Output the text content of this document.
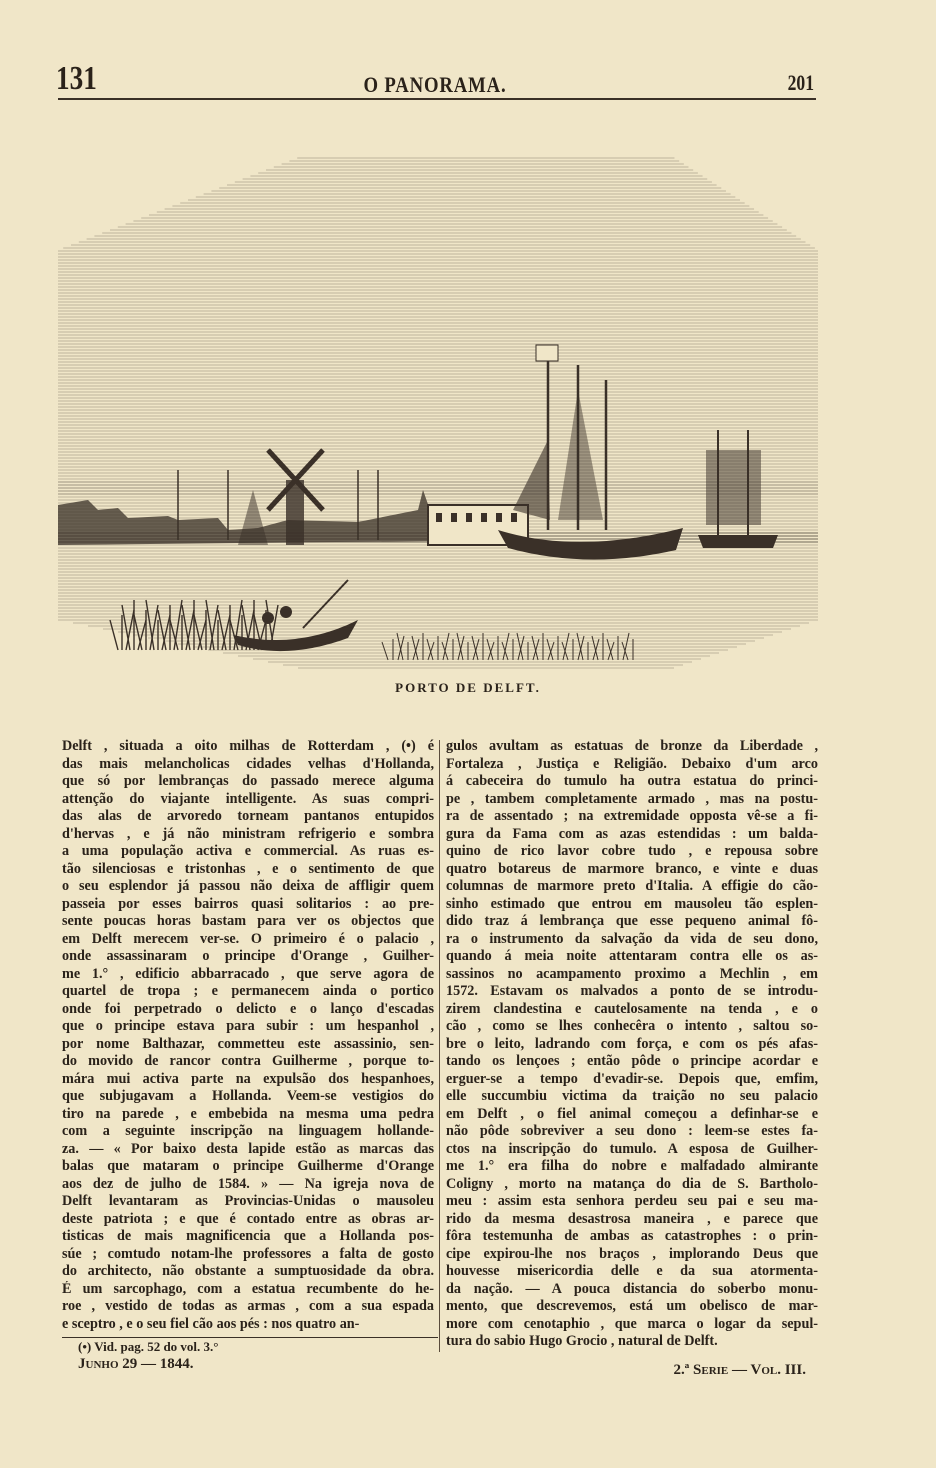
131	O PANORAMA.	201
PORTO DE DELFT.
Delft , situada a oito milhas de Rotterdam , (•) é
das mais melancholicas cidades velhas d'Hollanda,
que só por lembranças do passado merece alguma
attenção do viajante intelligente. As suas compri-
das alas de arvoredo torneam pantanos entupidos
d'hervas , e já não ministram refrigerio e sombra
a uma população activa e commercial. As ruas es-
tão silenciosas e tristonhas , e o sentimento de que
o seu esplendor já passou não deixa de affligir quem
passeia por esses bairros quasi solitarios : ao pre-
sente poucas horas bastam para ver os objectos que
em Delft merecem ver-se. O primeiro é o palacio ,
onde assassinaram o principe d'Orange , Guilher-
me 1.° , edificio abbarracado , que serve agora de
quartel de tropa ; e permanecem ainda o portico
onde foi perpetrado o delicto e o lanço d'escadas
que o principe estava para subir : um hespanhol ,
por nome Balthazar, commetteu este assassinio, sen-
do movido de rancor contra Guilherme , porque to-
mára mui activa parte na expulsão dos hespanhoes,
que subjugavam a Hollanda. Veem-se vestigios do
tiro na parede , e embebida na mesma uma pedra
com a seguinte inscripção na linguagem hollande-
za. — « Por baixo desta lapide estão as marcas das
balas que mataram o principe Guilherme d'Orange
aos dez de julho de 1584. » — Na igreja nova de
Delft levantaram as Provincias-Unidas o mausoleu
deste patriota ; e que é contado entre as obras ar-
tisticas de mais magnificencia que a Hollanda pos-
súe ; comtudo notam-lhe professores a falta de gosto
do architecto, não obstante a sumptuosidade da obra.
É um sarcophago, com a estatua recumbente do he-
roe , vestido de todas as armas , com a sua espada
e sceptro , e o seu fiel cão aos pés : nos quatro an-
gulos avultam as estatuas de bronze da Liberdade ,
Fortaleza , Justiça e Religião. Debaixo d'um arco
á cabeceira do tumulo ha outra estatua do princi-
pe , tambem completamente armado , mas na postu-
ra de assentado ; na extremidade opposta vê-se a fi-
gura da Fama com as azas estendidas : um balda-
quino de rico lavor cobre tudo , e repousa sobre
quatro botareus de marmore branco, e vinte e duas
columnas de marmore preto d'Italia. A effigie do cão-
sinho estimado que entrou em mausoleu tão esplen-
dido traz á lembrança que esse pequeno animal fô-
ra o instrumento da salvação da vida de seu dono,
quando á meia noite attentaram contra elle os as-
sassinos no acampamento proximo a Mechlin , em
1572. Estavam os malvados a ponto de se introdu-
zirem clandestina e cautelosamente na tenda , e o
cão , como se lhes conhecêra o intento , saltou so-
bre o leito, ladrando com força, e com os pés afas-
tando os lençoes ; então pôde o principe acordar e
erguer-se a tempo d'evadir-se. Depois que, emfim,
elle succumbiu victima da traição no seu palacio
em Delft , o fiel animal começou a definhar-se e
não pôde sobreviver a seu dono : leem-se estes fa-
ctos na inscripção do tumulo. A esposa de Guilher-
me 1.° era filha do nobre e malfadado almirante
Coligny , morto na matança do dia de S. Bartholo-
meu : assim esta senhora perdeu seu pai e seu ma-
rido da mesma desastrosa maneira , e parece que
fôra testemunha de ambas as catastrophes : o prin-
cipe expirou-lhe nos braços , implorando Deus que
houvesse misericordia delle e da sua atormenta-
da nação. — A pouca distancia do soberbo monu-
mento, que descrevemos, está um obelisco de mar-
more com cenotaphio , que marca o logar da sepul-
tura do sabio Hugo Grocio , natural de Delft.
(•) Vid. pag. 52 do vol. 3.°
Junho 29 — 1844.	2.ª Serie — Vol. III.
